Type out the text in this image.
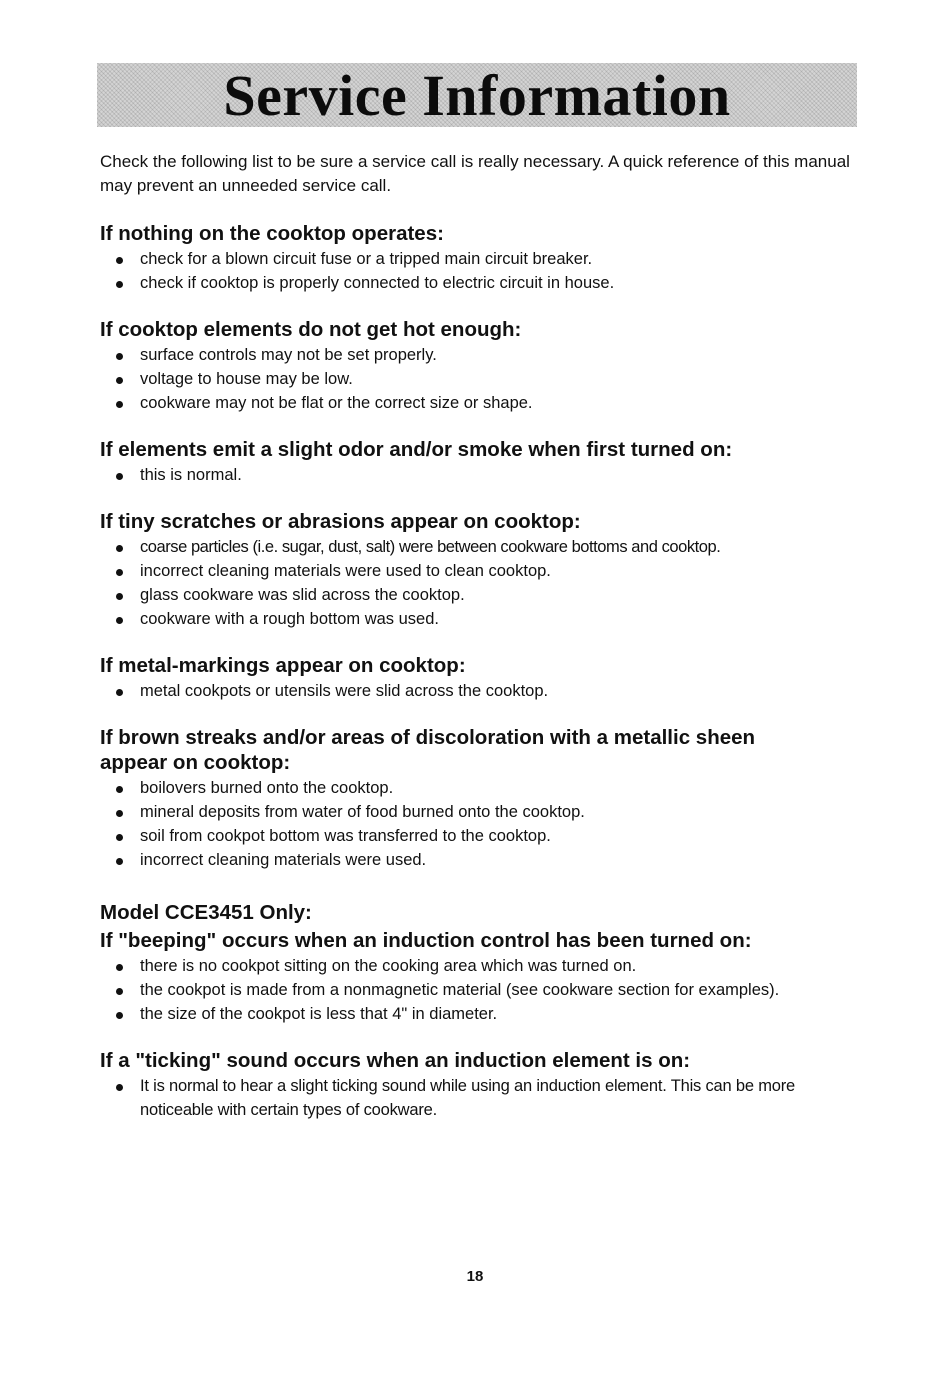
Service Information

Check the following list to be sure a service call is really necessary. A quick reference of this manual may prevent an unneeded service call.

If nothing on the cooktop operates:
check for a blown circuit fuse or a tripped main circuit breaker.
check if cooktop is properly connected to electric circuit in house.
If cooktop elements do not get hot enough:
surface controls may not be set properly.
voltage to house may be low.
cookware may not be flat or the correct size or shape.
If elements emit a slight odor and/or smoke when first turned on:
this is normal.
If tiny scratches or abrasions appear on cooktop:
coarse particles (i.e. sugar, dust, salt) were between cookware bottoms and cooktop.
incorrect cleaning materials were used to clean cooktop.
glass cookware was slid across the cooktop.
cookware with a rough bottom was used.
If metal-markings appear on cooktop:
metal cookpots or utensils were slid across the cooktop.
If brown streaks and/or areas of discoloration with a metallic sheen appear on cooktop:
boilovers burned onto the cooktop.
mineral deposits from water of food burned onto the cooktop.
soil from cookpot bottom was transferred to the cooktop.
incorrect cleaning materials were used.
Model CCE3451 Only:
If "beeping" occurs when an induction control has been turned on:
there is no cookpot sitting on the cooking area which was turned on.
the cookpot is made from a nonmagnetic material (see cookware section for examples).
the size of the cookpot is less that 4" in diameter.
If a "ticking" sound occurs when an induction element is on:
It is normal to hear a slight ticking sound while using an induction element. This can be more noticeable with certain types of cookware.
18
